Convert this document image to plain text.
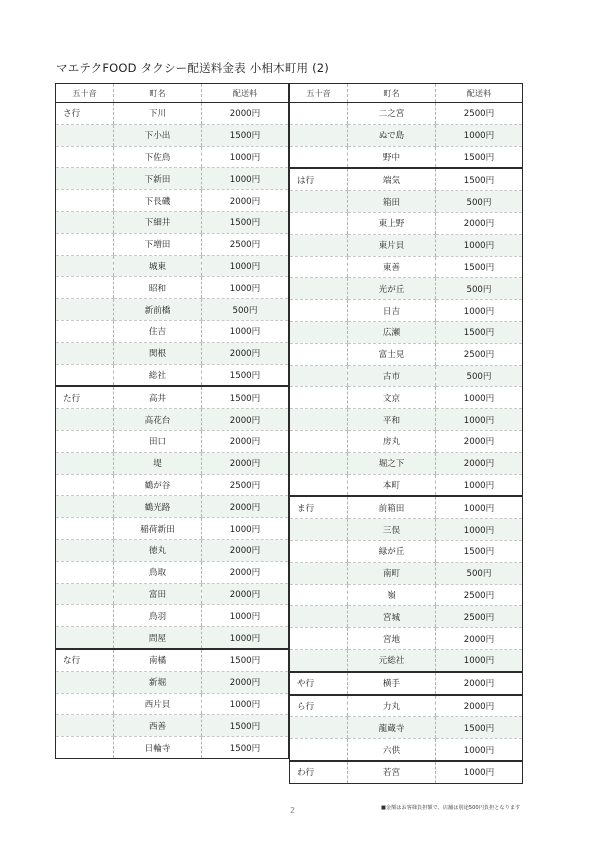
マエテクFOOD タクシー配送料金表 小相木町用 (2)
五十音	町名	配送料
さ行	下川	2000円
	下小出	1500円
	下佐鳥	1000円
	下新田	1000円
	下長磯	2000円
	下細井	1500円
	下増田	2500円
	城東	1000円
	昭和	1000円
	新前橋	500円
	住吉	1000円
	関根	2000円
	総社	1500円
た行	高井	1500円
	高花台	2000円
	田口	2000円
	堤	2000円
	鶴が谷	2500円
	鶴光路	2000円
	稲荷新田	1000円
	徳丸	2000円
	鳥取	2000円
	富田	2000円
	鳥羽	1000円
	問屋	1000円
な行	南橘	1500円
	新堀	2000円
	西片貝	1000円
	西善	1500円
	日輪寺	1500円
五十音	町名	配送料
	二之宮	2500円
	ぬで島	1000円
	野中	1500円
は行	端気	1500円
	箱田	500円
	東上野	2000円
	東片貝	1000円
	東善	1500円
	光が丘	500円
	日吉	1000円
	広瀬	1500円
	富士見	2500円
	古市	500円
	文京	1000円
	平和	1000円
	房丸	2000円
	堀之下	2000円
	本町	1000円
ま行	前箱田	1000円
	三俣	1000円
	緑が丘	1500円
	南町	500円
	嶺	2500円
	宮城	2500円
	宮地	2000円
	元総社	1000円
や行	横手	2000円
ら行	力丸	2000円
	龍蔵寺	1500円
	六供	1000円
わ行	若宮	1000円
2	■金額はお客様負担額で、店舗は別途500円負担となります
